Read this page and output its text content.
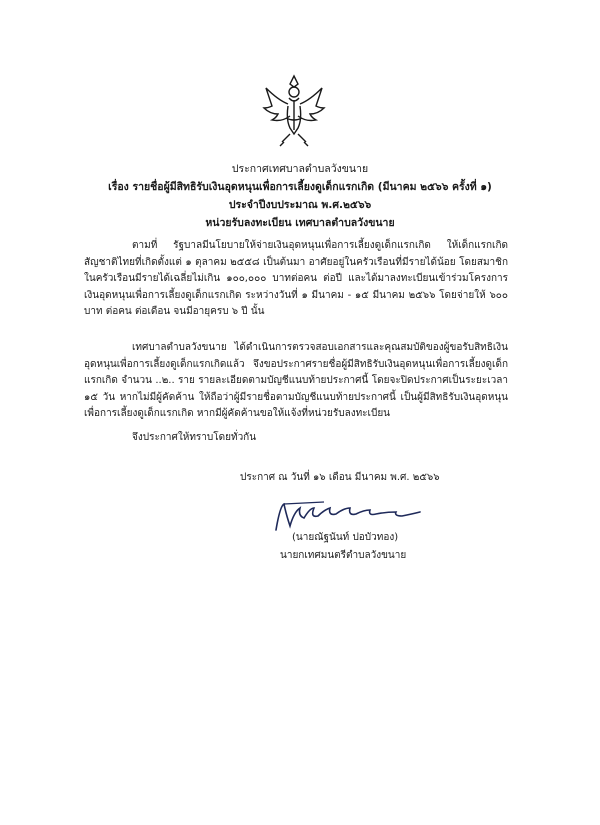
ประกาศเทศบาลตำบลวังขนาย
เรื่อง รายชื่อผู้มีสิทธิรับเงินอุดหนุนเพื่อการเลี้ยงดูเด็กแรกเกิด (มีนาคม ๒๕๖๖ ครั้งที่ ๑)
ประจำปีงบประมาณ พ.ศ.๒๕๖๖
หน่วยรับลงทะเบียน เทศบาลตำบลวังขนาย
ตามที่ รัฐบาลมีนโยบายให้จ่ายเงินอุดหนุนเพื่อการเลี้ยงดูเด็กแรกเกิด ให้เด็กแรกเกิดสัญชาติไทยที่เกิดตั้งแต่ ๑ ตุลาคม ๒๕๕๘ เป็นต้นมา อาศัยอยู่ในครัวเรือนที่มีรายได้น้อย โดยสมาชิกในครัวเรือนมีรายได้เฉลี่ยไม่เกิน ๑๐๐,๐๐๐ บาทต่อคน ต่อปี และได้มาลงทะเบียนเข้าร่วมโครงการเงินอุดหนุนเพื่อการเลี้ยงดูเด็กแรกเกิด ระหว่างวันที่ ๑ มีนาคม - ๑๕ มีนาคม ๒๕๖๖ โดยจ่ายให้ ๖๐๐ บาท ต่อคน ต่อเดือน จนมีอายุครบ ๖ ปี นั้น
เทศบาลตำบลวังขนาย ได้ดำเนินการตรวจสอบเอกสารและคุณสมบัติของผู้ขอรับสิทธิเงินอุดหนุนเพื่อการเลี้ยงดูเด็กแรกเกิดแล้ว จึงขอประกาศรายชื่อผู้มีสิทธิรับเงินอุดหนุนเพื่อการเลี้ยงดูเด็กแรกเกิด จำนวน ..๒.. ราย รายละเอียดตามบัญชีแนบท้ายประกาศนี้ โดยจะปิดประกาศเป็นระยะเวลา ๑๕ วัน หากไม่มีผู้คัดค้าน ให้ถือว่าผู้มีรายชื่อตามบัญชีแนบท้ายประกาศนี้ เป็นผู้มีสิทธิรับเงินอุดหนุนเพื่อการเลี้ยงดูเด็กแรกเกิด หากมีผู้คัดค้านขอให้แจ้งที่หน่วยรับลงทะเบียน
จึงประกาศให้ทราบโดยทั่วกัน
ประกาศ ณ วันที่ ๑๖ เดือน มีนาคม พ.ศ. ๒๕๖๖
(นายณัฐนันท์ ปอบัวทอง)
นายกเทศมนตรีตำบลวังขนาย
